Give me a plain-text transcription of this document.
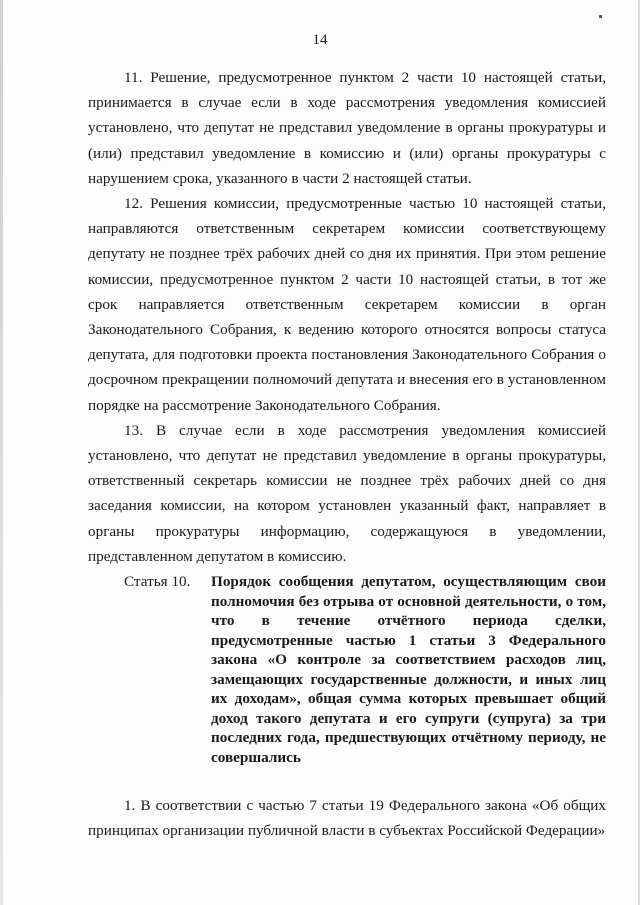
14

11. Решение, предусмотренное пунктом 2 части 10 настоящей статьи, принимается в случае если в ходе рассмотрения уведомления комиссией установлено, что депутат не представил уведомление в органы прокуратуры и (или) представил уведомление в комиссию и (или) органы прокуратуры с нарушением срока, указанного в части 2 настоящей статьи.

12. Решения комиссии, предусмотренные частью 10 настоящей статьи, направляются ответственным секретарем комиссии соответствующему депутату не позднее трёх рабочих дней со дня их принятия. При этом решение комиссии, предусмотренное пунктом 2 части 10 настоящей статьи, в тот же срок направляется ответственным секретарем комиссии в орган Законодательного Собрания, к ведению которого относятся вопросы статуса депутата, для подготовки проекта постановления Законодательного Собрания о досрочном прекращении полномочий депутата и внесения его в установленном порядке на рассмотрение Законодательного Собрания.

13. В случае если в ходе рассмотрения уведомления комиссией установлено, что депутат не представил уведомление в органы прокуратуры, ответственный секретарь комиссии не позднее трёх рабочих дней со дня заседания комиссии, на котором установлен указанный факт, направляет в органы прокуратуры информацию, содержащуюся в уведомлении, представленном депутатом в комиссию.

Статья 10.	Порядок сообщения депутатом, осуществляющим свои полномочия без отрыва от основной деятельности, о том, что в течение отчётного периода сделки, предусмотренные частью 1 статьи 3 Федерального закона «О контроле за соответствием расходов лиц, замещающих государственные должности, и иных лиц их доходам», общая сумма которых превышает общий доход такого депутата и его супруги (супруга) за три последних года, предшествующих отчётному периоду, не совершались

1. В соответствии с частью 7 статьи 19 Федерального закона «Об общих принципах организации публичной власти в субъектах Российской Федерации»
